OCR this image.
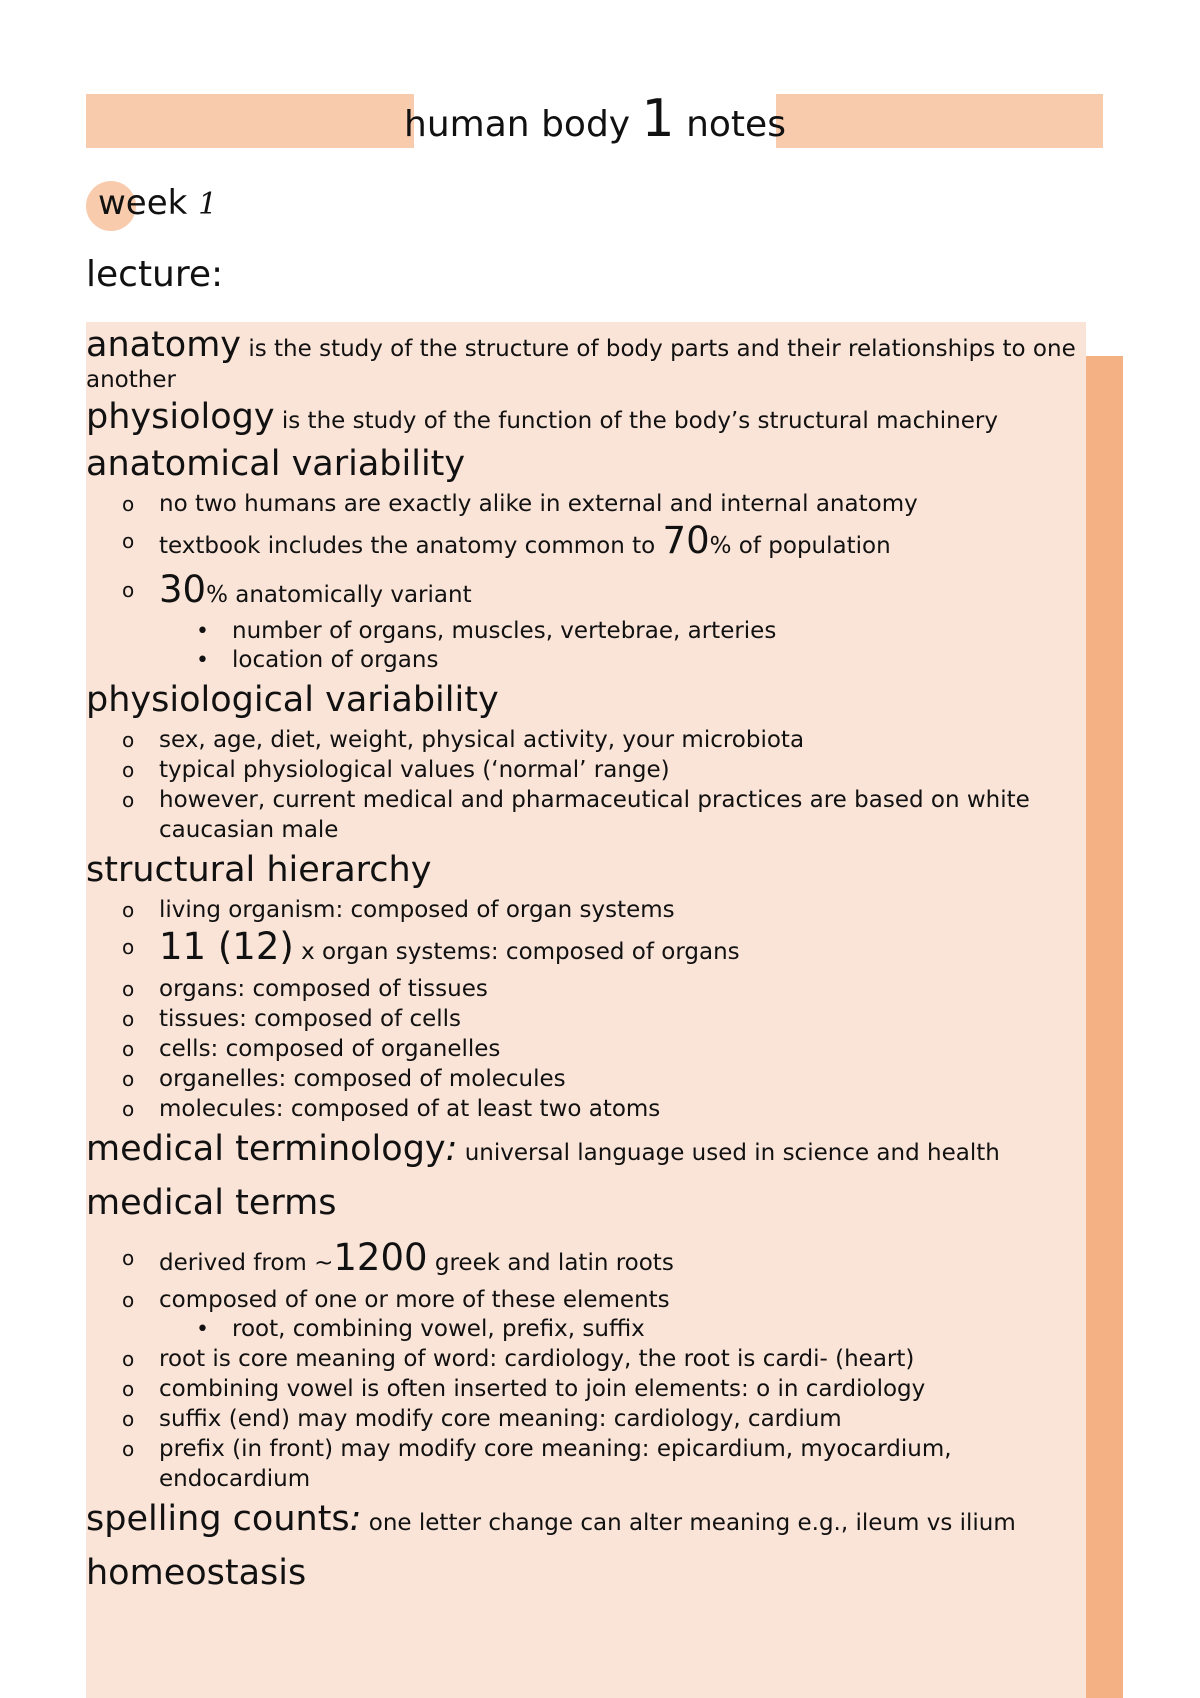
human body 1 notes
week 1
lecture:

anatomy is the study of the structure of body parts and their relationships to one another

physiology is the study of the function of the body’s structural machinery

anatomical variability

o no two humans are exactly alike in external and internal anatomy
o textbook includes the anatomy common to 70% of population
o 30% anatomically variant
• number of organs, muscles, vertebrae, arteries
• location of organs

physiological variability

o sex, age, diet, weight, physical activity, your microbiota
o typical physiological values (‘normal’ range)
o however, current medical and pharmaceutical practices are based on white caucasian male

structural hierarchy

o living organism: composed of organ systems
o 11 (12) x organ systems: composed of organs
o organs: composed of tissues
o tissues: composed of cells
o cells: composed of organelles
o organelles: composed of molecules
o molecules: composed of at least two atoms

medical terminology: universal language used in science and health

medical terms

o derived from ~1200 greek and latin roots
o composed of one or more of these elements
• root, combining vowel, prefix, suffix
o root is core meaning of word: cardiology, the root is cardi- (heart)
o combining vowel is often inserted to join elements: o in cardiology
o suffix (end) may modify core meaning: cardiology, cardium
o prefix (in front) may modify core meaning: epicardium, myocardium, endocardium

spelling counts: one letter change can alter meaning e.g., ileum vs ilium

homeostasis
